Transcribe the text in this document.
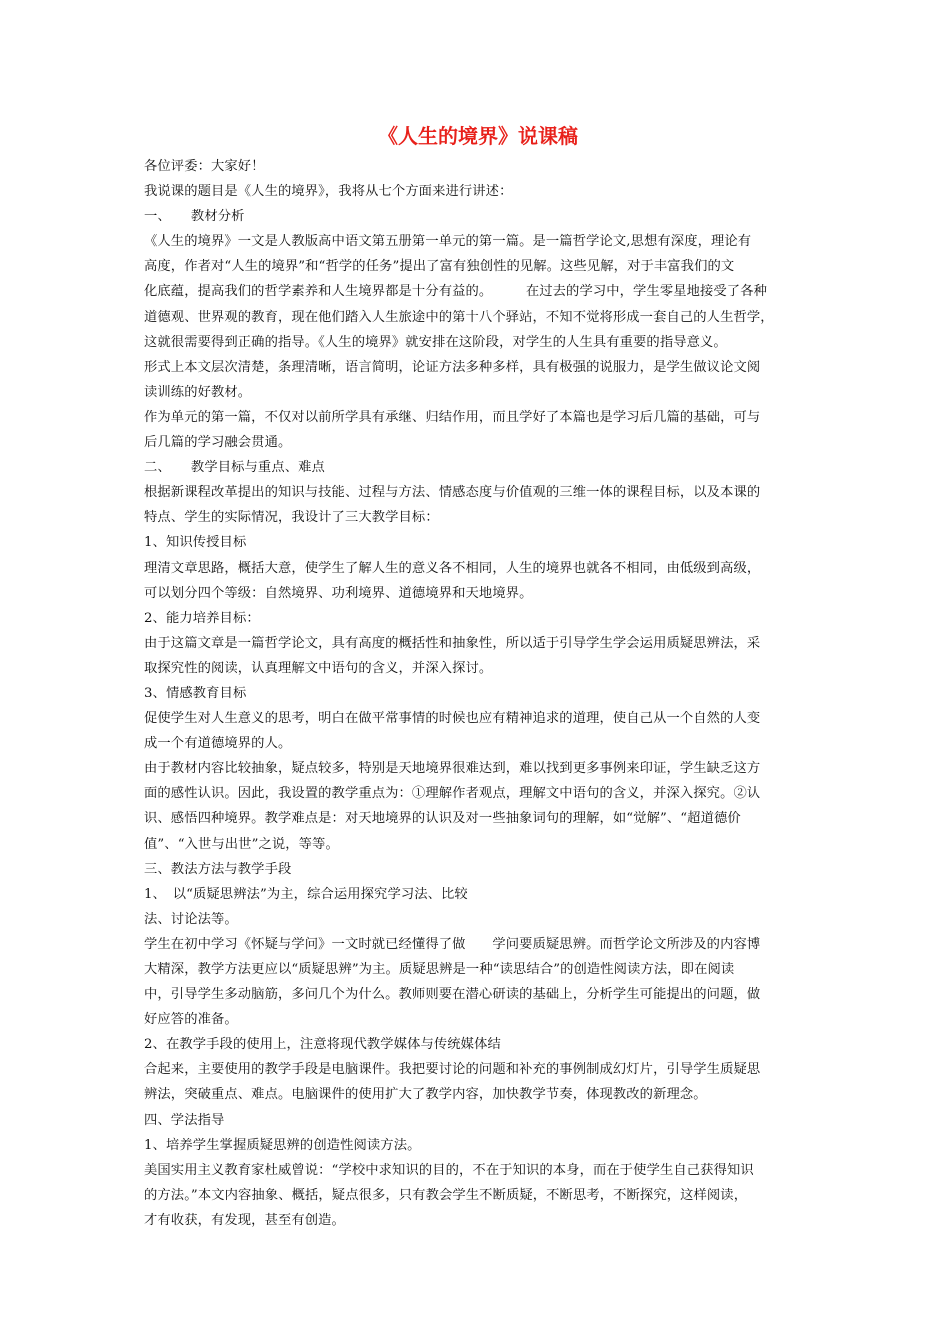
《人生的境界》说课稿
各位评委：大家好！
我说课的题目是《人生的境界》，我将从七个方面来进行讲述：
一、　　教材分析
《人生的境界》一文是人教版高中语文第五册第一单元的第一篇。是一篇哲学论文,思想有深度，理论有
高度，作者对“人生的境界”和“哲学的任务”提出了富有独创性的见解。这些见解，对于丰富我们的文
化底蕴，提高我们的哲学素养和人生境界都是十分有益的。　　　在过去的学习中，学生零星地接受了各种
道德观、世界观的教育，现在他们踏入人生旅途中的第十八个驿站，不知不觉将形成一套自己的人生哲学，
这就很需要得到正确的指导。《人生的境界》就安排在这阶段，对学生的人生具有重要的指导意义。
形式上本文层次清楚，条理清晰，语言简明，论证方法多种多样，具有极强的说服力，是学生做议论文阅
读训练的好教材。
作为单元的第一篇，不仅对以前所学具有承继、归结作用，而且学好了本篇也是学习后几篇的基础，可与
后几篇的学习融会贯通。
二、　　教学目标与重点、难点
根据新课程改革提出的知识与技能、过程与方法、情感态度与价值观的三维一体的课程目标，以及本课的
特点、学生的实际情况，我设计了三大教学目标：
1、知识传授目标
理清文章思路，概括大意，使学生了解人生的意义各不相同，人生的境界也就各不相同，由低级到高级，
可以划分四个等级：自然境界、功利境界、道德境界和天地境界。
2、能力培养目标：
由于这篇文章是一篇哲学论文，具有高度的概括性和抽象性，所以适于引导学生学会运用质疑思辨法，采
取探究性的阅读，认真理解文中语句的含义，并深入探讨。
3、情感教育目标
促使学生对人生意义的思考，明白在做平常事情的时候也应有精神追求的道理，使自己从一个自然的人变
成一个有道德境界的人。
由于教材内容比较抽象，疑点较多，特别是天地境界很难达到，难以找到更多事例来印证，学生缺乏这方
面的感性认识。因此，我设置的教学重点为：①理解作者观点，理解文中语句的含义，并深入探究。②认
识、感悟四种境界。教学难点是：对天地境界的认识及对一些抽象词句的理解，如“觉解”、“超道德价
值”、“入世与出世”之说，等等。
三、教法方法与教学手段
1、　以“质疑思辨法”为主，综合运用探究学习法、比较
法、讨论法等。
学生在初中学习《怀疑与学问》一文时就已经懂得了做　　学问要质疑思辨。而哲学论文所涉及的内容博
大精深，教学方法更应以“质疑思辨”为主。质疑思辨是一种“读思结合”的创造性阅读方法，即在阅读
中，引导学生多动脑筋，多问几个为什么。教师则要在潜心研读的基础上，分析学生可能提出的问题，做
好应答的准备。
2、在教学手段的使用上，注意将现代教学媒体与传统媒体结
合起来，主要使用的教学手段是电脑课件。我把要讨论的问题和补充的事例制成幻灯片，引导学生质疑思
辨法，突破重点、难点。电脑课件的使用扩大了教学内容，加快教学节奏，体现教改的新理念。
四、学法指导
1、培养学生掌握质疑思辨的创造性阅读方法。
美国实用主义教育家杜威曾说：“学校中求知识的目的，不在于知识的本身，而在于使学生自己获得知识
的方法。”本文内容抽象、概括，疑点很多，只有教会学生不断质疑，不断思考，不断探究，这样阅读，
才有收获，有发现，甚至有创造。
